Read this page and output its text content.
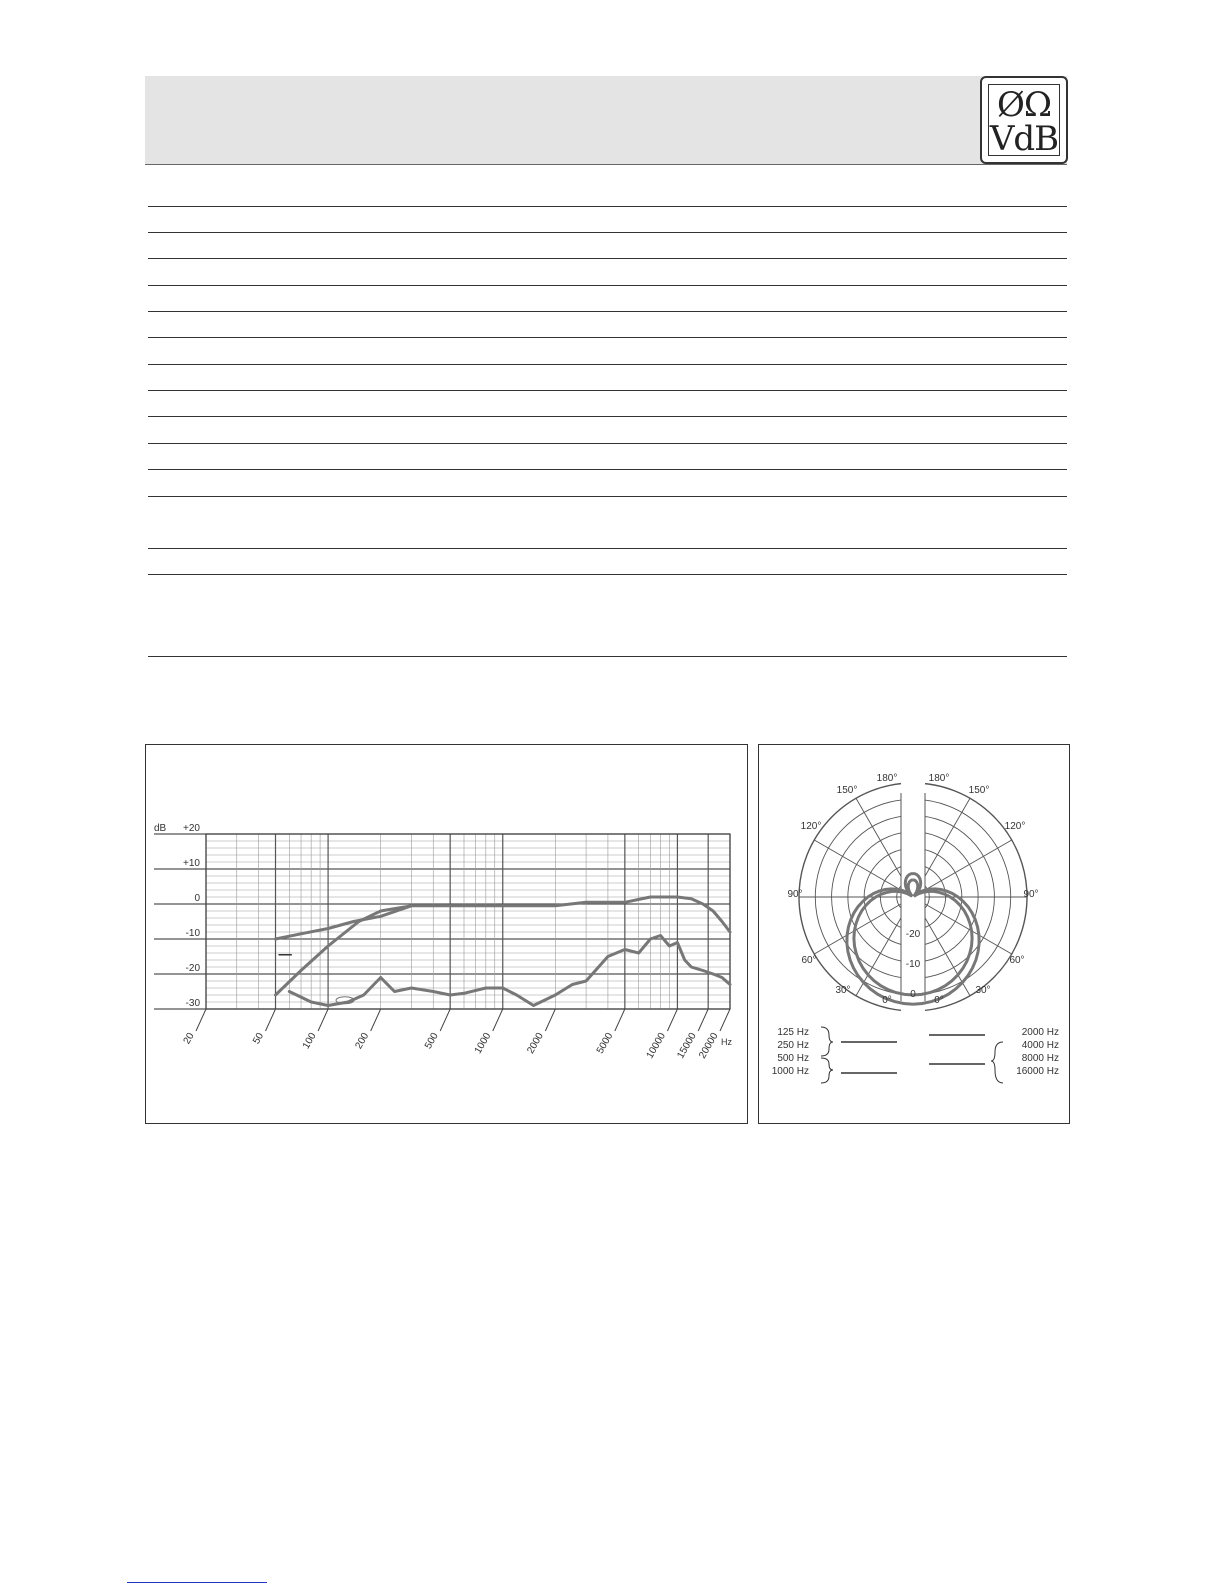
ØΩ
VdB
+20
+10
0
-10
-20
-30
dB
20	50	100	200	500	1000	2000	5000	10000 15000
20000 Hz
180°	180°
150°	150°
120°	120°
90°	90°
60°	60°
30°	30°
0°	0°
-20
-10
0
125 Hz
250 Hz
500 Hz
1000 Hz
2000 Hz
4000 Hz
8000 Hz
16000 Hz
